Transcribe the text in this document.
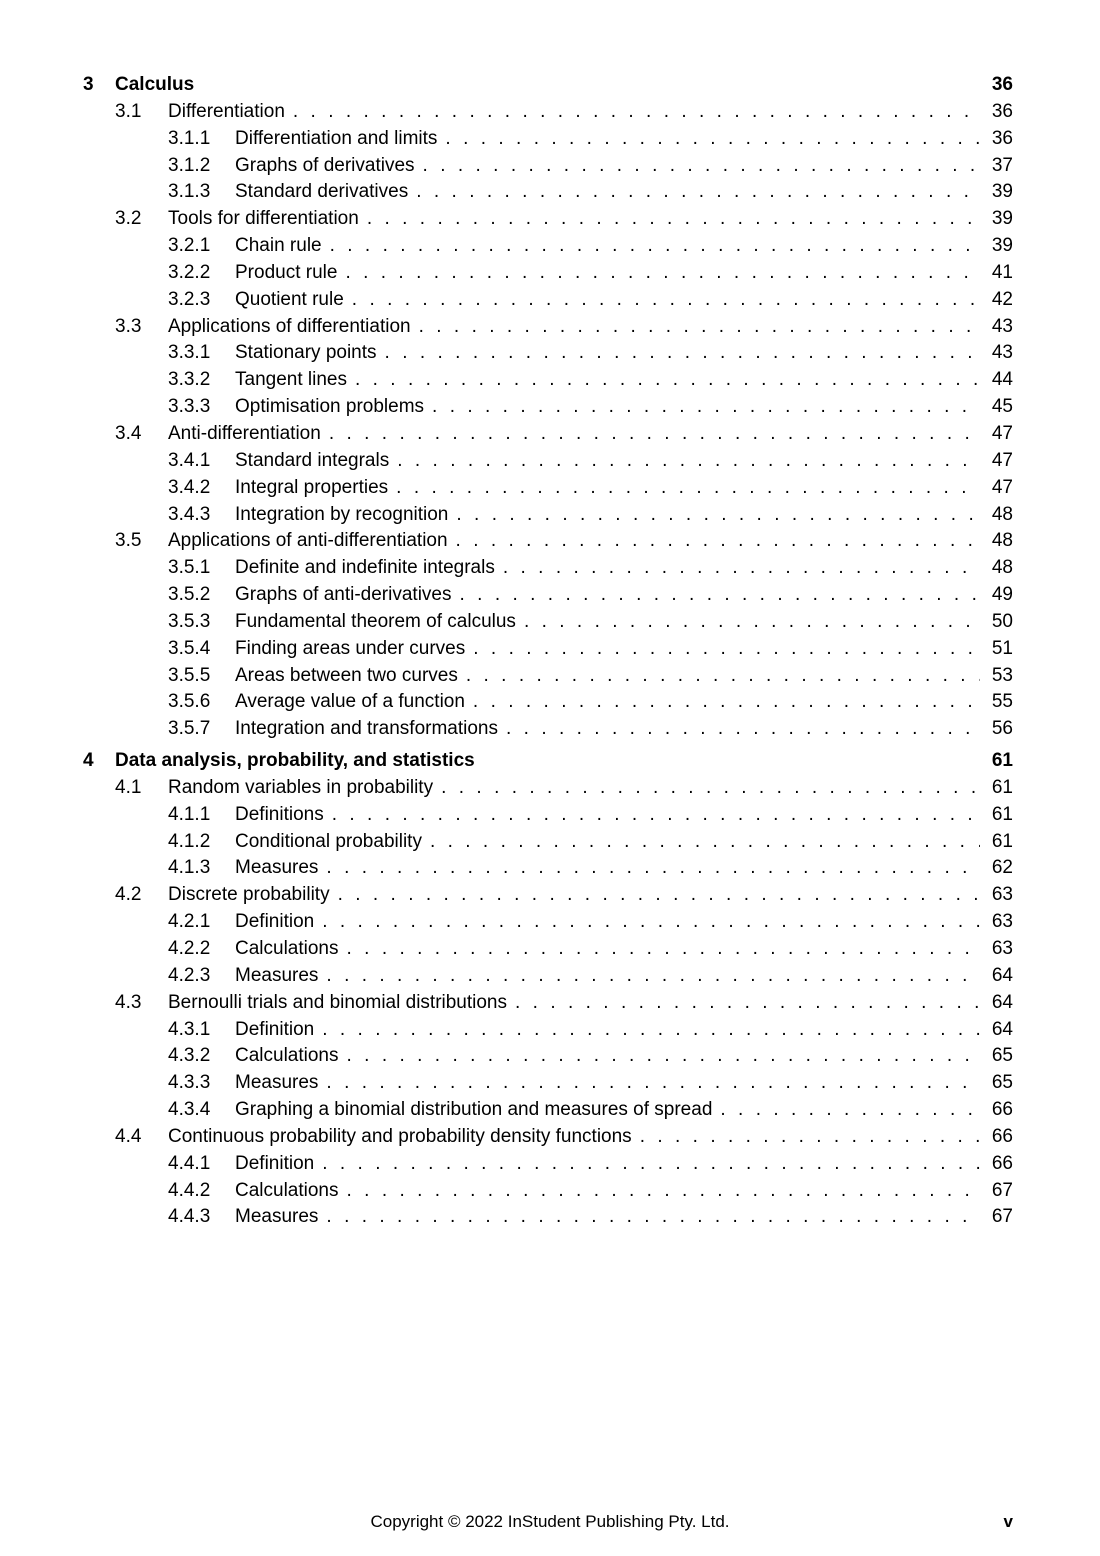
3	Calculus	36
3.1	Differentiation . . .	36
3.1.1	Differentiation and limits . . .	36
3.1.2	Graphs of derivatives . . .	37
3.1.3	Standard derivatives . . .	39
3.2	Tools for differentiation . . .	39
3.2.1	Chain rule . . .	39
3.2.2	Product rule . . .	41
3.2.3	Quotient rule . . .	42
3.3	Applications of differentiation . . .	43
3.3.1	Stationary points . . .	43
3.3.2	Tangent lines . . .	44
3.3.3	Optimisation problems . . .	45
3.4	Anti-differentiation . . .	47
3.4.1	Standard integrals . . .	47
3.4.2	Integral properties . . .	47
3.4.3	Integration by recognition . . .	48
3.5	Applications of anti-differentiation . . .	48
3.5.1	Definite and indefinite integrals . . .	48
3.5.2	Graphs of anti-derivatives . . .	49
3.5.3	Fundamental theorem of calculus . . .	50
3.5.4	Finding areas under curves . . .	51
3.5.5	Areas between two curves . . .	53
3.5.6	Average value of a function . . .	55
3.5.7	Integration and transformations . . .	56
4	Data analysis, probability, and statistics	61
4.1	Random variables in probability . . .	61
4.1.1	Definitions . . .	61
4.1.2	Conditional probability . . .	61
4.1.3	Measures . . .	62
4.2	Discrete probability . . .	63
4.2.1	Definition . . .	63
4.2.2	Calculations . . .	63
4.2.3	Measures . . .	64
4.3	Bernoulli trials and binomial distributions . . .	64
4.3.1	Definition . . .	64
4.3.2	Calculations . . .	65
4.3.3	Measures . . .	65
4.3.4	Graphing a binomial distribution and measures of spread . . .	66
4.4	Continuous probability and probability density functions . . .	66
4.4.1	Definition . . .	66
4.4.2	Calculations . . .	67
4.4.3	Measures . . .	67
Copyright © 2022 InStudent Publishing Pty. Ltd.	v
